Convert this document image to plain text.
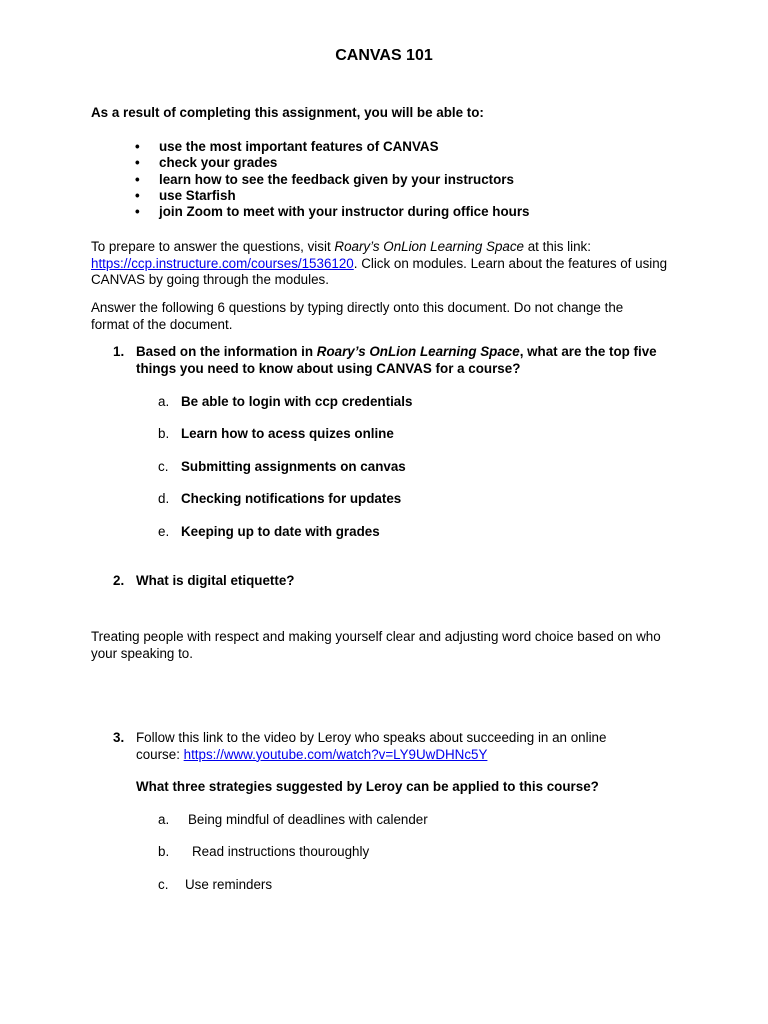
CANVAS 101
As a result of completing this assignment, you will be able to:
• use the most important features of CANVAS
• check your grades
• learn how to see the feedback given by your instructors
• use Starfish
• join Zoom to meet with your instructor during office hours
To prepare to answer the questions, visit Roary’s OnLion Learning Space at this link: https://ccp.instructure.com/courses/1536120. Click on modules. Learn about the features of using CANVAS by going through the modules.
Answer the following 6 questions by typing directly onto this document. Do not change the format of the document.
1. Based on the information in Roary’s OnLion Learning Space, what are the top five things you need to know about using CANVAS for a course?
a. Be able to login with ccp credentials
b. Learn how to acess quizes online
c. Submitting assignments on canvas
d. Checking notifications for updates
e. Keeping up to date with grades
2. What is digital etiquette?
Treating people with respect and making yourself clear and adjusting word choice based on who your speaking to.
3. Follow this link to the video by Leroy who speaks about succeeding in an online course: https://www.youtube.com/watch?v=LY9UwDHNc5Y
What three strategies suggested by Leroy can be applied to this course?
a. Being mindful of deadlines with calender
b. Read instructions thouroughly
c. Use reminders
